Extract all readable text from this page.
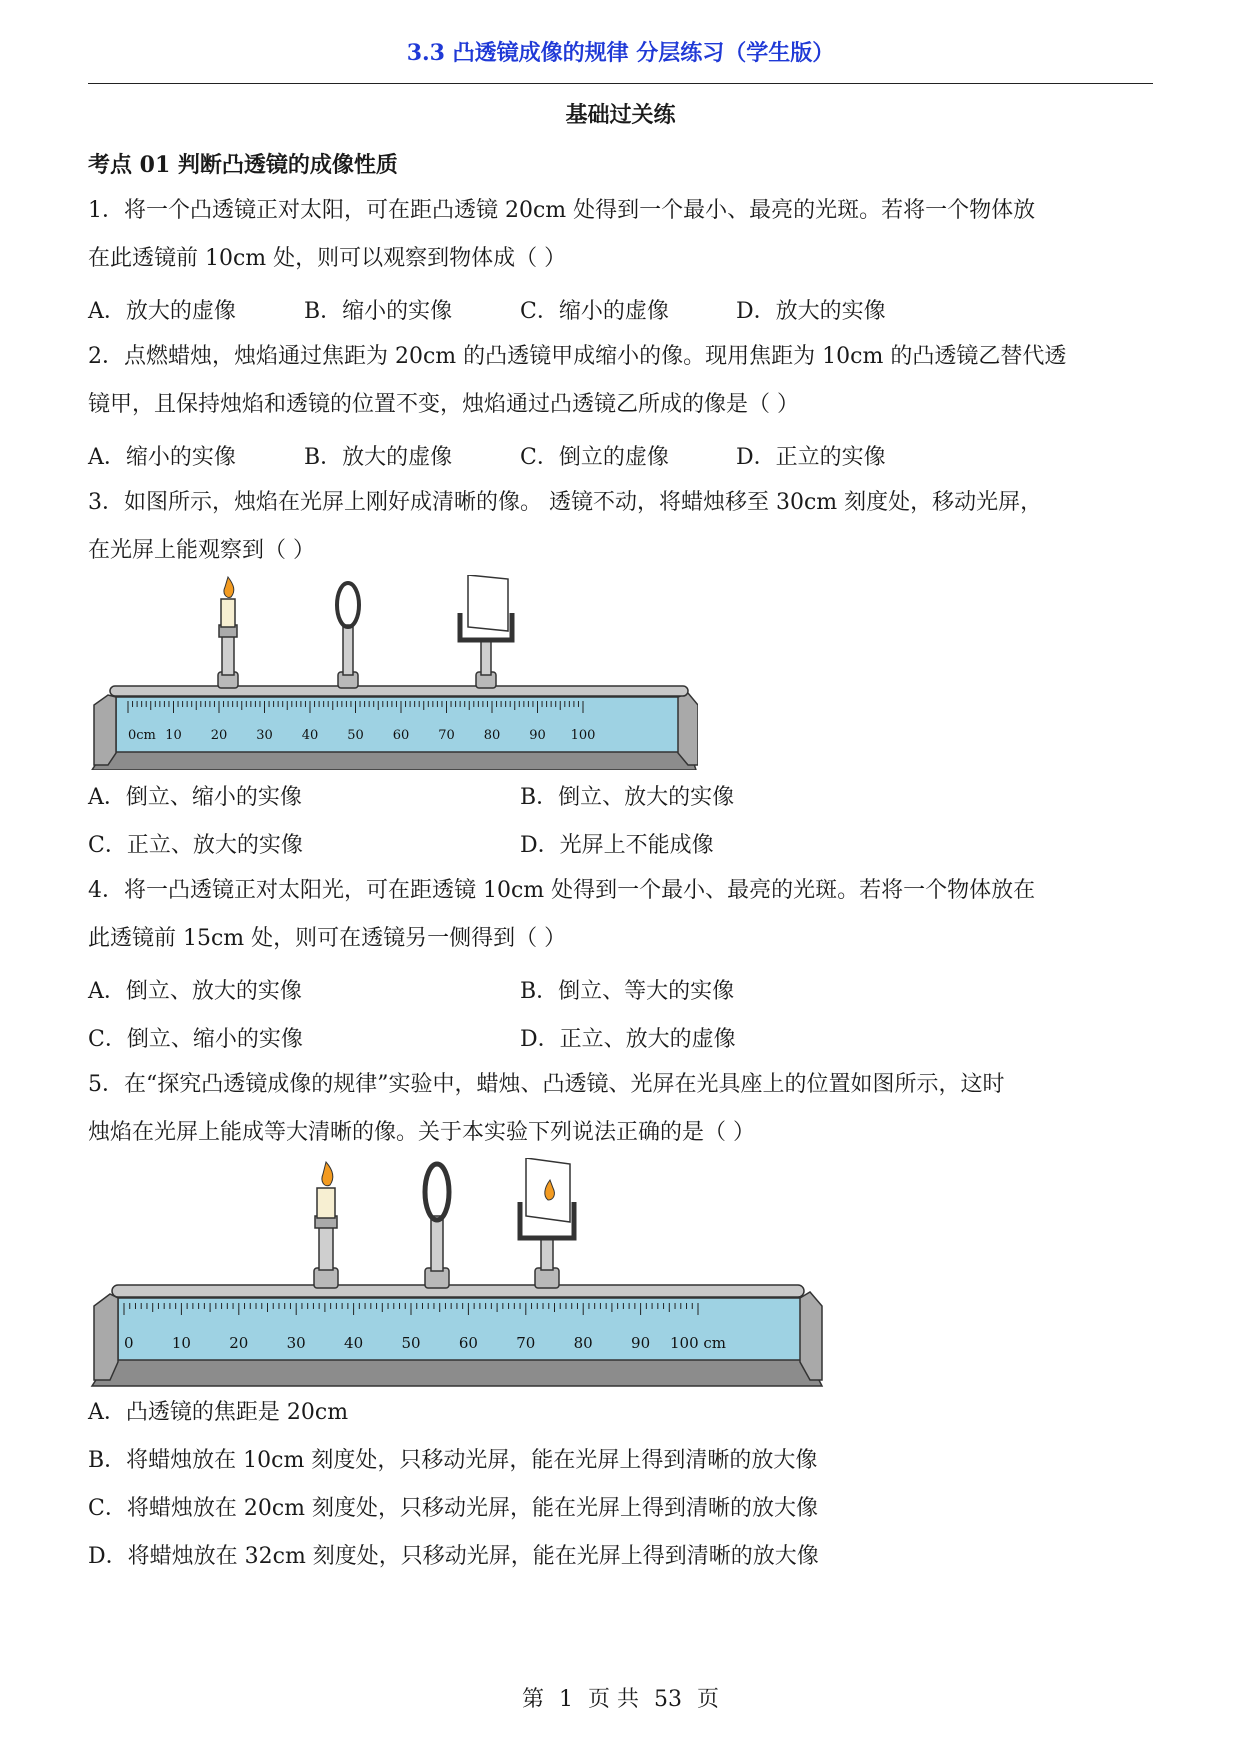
3.3 凸透镜成像的规律 分层练习（学生版）
基础过关练
考点 01 判断凸透镜的成像性质
1．将一个凸透镜正对太阳，可在距凸透镜 20cm 处得到一个最小、最亮的光斑。若将一个物体放
在此透镜前 10cm 处，则可以观察到物体成（ ）
A．放大的虚像	B．缩小的实像	C．缩小的虚像	D．放大的实像
2．点燃蜡烛，烛焰通过焦距为 20cm 的凸透镜甲成缩小的像。现用焦距为 10cm 的凸透镜乙替代透
镜甲，且保持烛焰和透镜的位置不变，烛焰通过凸透镜乙所成的像是（ ）
A．缩小的实像	B．放大的虚像	C．倒立的虚像	D．正立的实像
3．如图所示，烛焰在光屏上刚好成清晰的像。 透镜不动，将蜡烛移至 30cm 刻度处，移动光屏，
在光屏上能观察到（ ）
0cm 10 20 30 40 50 60 70 80 90 100
A．倒立、缩小的实像	B．倒立、放大的实像
C．正立、放大的实像	D．光屏上不能成像
4．将一凸透镜正对太阳光，可在距透镜 10cm 处得到一个最小、最亮的光斑。若将一个物体放在
此透镜前 15cm 处，则可在透镜另一侧得到（ ）
A．倒立、放大的实像	B．倒立、等大的实像
C．倒立、缩小的实像	D．正立、放大的虚像
5．在“探究凸透镜成像的规律”实验中，蜡烛、凸透镜、光屏在光具座上的位置如图所示，这时
烛焰在光屏上能成等大清晰的像。关于本实验下列说法正确的是（ ）
0	10	20	30	40	50	60	70	80	90 100 cm
A．凸透镜的焦距是 20cm
B．将蜡烛放在 10cm 刻度处，只移动光屏，能在光屏上得到清晰的放大像
C．将蜡烛放在 20cm 刻度处，只移动光屏，能在光屏上得到清晰的放大像
D．将蜡烛放在 32cm 刻度处，只移动光屏，能在光屏上得到清晰的放大像
第 1 页 共 53 页
